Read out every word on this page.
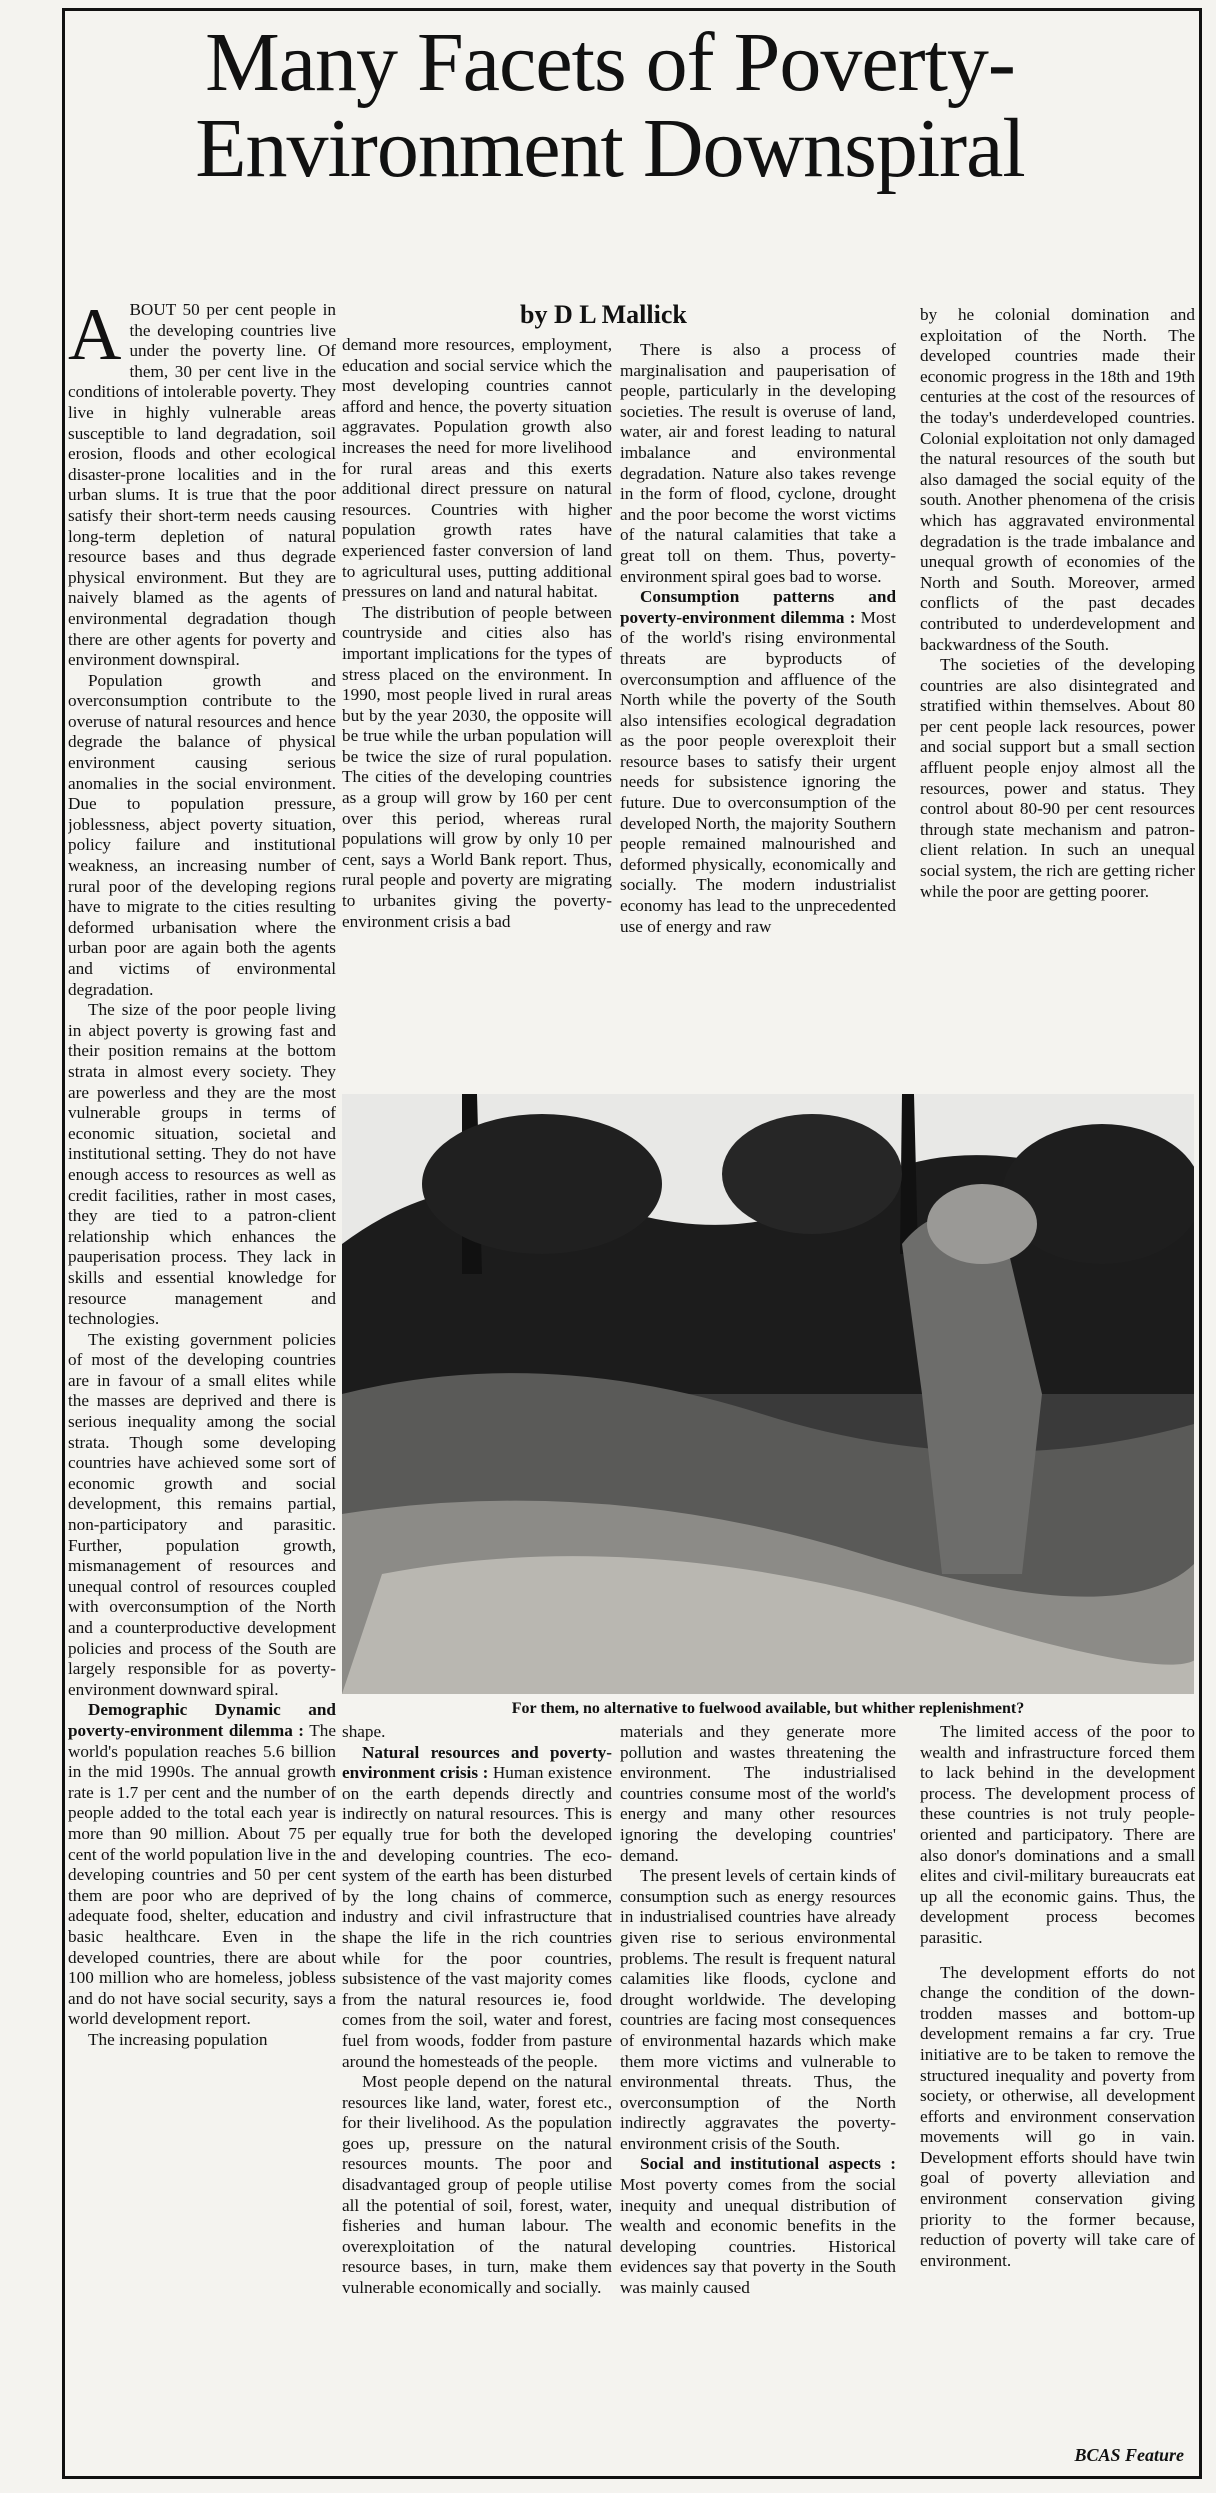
Many Facets of Poverty-Environment Downspiral
by D L Mallick

ABOUT 50 per cent people in the developing countries live under the poverty line. Of them, 30 per cent live in the conditions of intolerable poverty. They live in highly vulnerable areas susceptible to land degradation, soil erosion, floods and other ecological disaster-prone localities and in the urban slums. It is true that the poor satisfy their short-term needs causing long-term depletion of natural resource bases and thus degrade physical environment. But they are naively blamed as the agents of environmental degradation though there are other agents for poverty and environment downspiral.

Population growth and overconsumption contribute to the overuse of natural resources and hence degrade the balance of physical environment causing serious anomalies in the social environment. Due to population pressure, joblessness, abject poverty situation, policy failure and institutional weakness, an increasing number of rural poor of the developing regions have to migrate to the cities resulting deformed urbanisation where the urban poor are again both the agents and victims of environmental degradation.

The size of the poor people living in abject poverty is growing fast and their position remains at the bottom strata in almost every society. They are powerless and they are the most vulnerable groups in terms of economic situation, societal and institutional setting. They do not have enough access to resources as well as credit facilities, rather in most cases, they are tied to a patron-client relationship which enhances the pauperisation process. They lack in skills and essential knowledge for resource management and technologies.

The existing government policies of most of the developing countries are in favour of a small elites while the masses are deprived and there is serious inequality among the social strata. Though some developing countries have achieved some sort of economic growth and social development, this remains partial, non-participatory and parasitic. Further, population growth, mismanagement of resources and unequal control of resources coupled with overconsumption of the North and a counterproductive development policies and process of the South are largely responsible for as poverty-environment downward spiral.

Demographic Dynamic and poverty-environment dilemma : The world's population reaches 5.6 billion in the mid 1990s. The annual growth rate is 1.7 per cent and the number of people added to the total each year is more than 90 million. About 75 per cent of the world population live in the developing countries and 50 per cent them are poor who are deprived of adequate food, shelter, education and basic healthcare. Even in the developed countries, there are about 100 million who are homeless, jobless and do not have social security, says a world development report.

The increasing population

demand more resources, employment, education and social service which the most developing countries cannot afford and hence, the poverty situation aggravates. Population growth also increases the need for more livelihood for rural areas and this exerts additional direct pressure on natural resources. Countries with higher population growth rates have experienced faster conversion of land to agricultural uses, putting additional pressures on land and natural habitat.

The distribution of people between countryside and cities also has important implications for the types of stress placed on the environment. In 1990, most people lived in rural areas but by the year 2030, the opposite will be true while the urban population will be twice the size of rural population. The cities of the developing countries as a group will grow by 160 per cent over this period, whereas rural populations will grow by only 10 per cent, says a World Bank report. Thus, rural people and poverty are migrating to urbanites giving the poverty-environment crisis a bad

There is also a process of marginalisation and pauperisation of people, particularly in the developing societies. The result is overuse of land, water, air and forest leading to natural imbalance and environmental degradation. Nature also takes revenge in the form of flood, cyclone, drought and the poor become the worst victims of the natural calamities that take a great toll on them. Thus, poverty-environment spiral goes bad to worse.

Consumption patterns and poverty-environment dilemma : Most of the world's rising environmental threats are byproducts of overconsumption and affluence of the North while the poverty of the South also intensifies ecological degradation as the poor people overexploit their resource bases to satisfy their urgent needs for subsistence ignoring the future. Due to overconsumption of the developed North, the majority Southern people remained malnourished and deformed physically, economically and socially. The modern industrialist economy has lead to the unprecedented use of energy and raw

by he colonial domination and exploitation of the North. The developed countries made their economic progress in the 18th and 19th centuries at the cost of the resources of the today's underdeveloped countries. Colonial exploitation not only damaged the natural resources of the south but also damaged the social equity of the south. Another phenomena of the crisis which has aggravated environmental degradation is the trade imbalance and unequal growth of economies of the North and South. Moreover, armed conflicts of the past decades contributed to underdevelopment and backwardness of the South.

The societies of the developing countries are also disintegrated and stratified within themselves. About 80 per cent people lack resources, power and social support but a small section affluent people enjoy almost all the resources, power and status. They control about 80-90 per cent resources through state mechanism and patron-client relation. In such an unequal social system, the rich are getting richer while the poor are getting poorer.

For them, no alternative to fuelwood available, but whither replenishment?

shape.

Natural resources and poverty-environment crisis : Human existence on the earth depends directly and indirectly on natural resources. This is equally true for both the developed and developing countries. The eco-system of the earth has been disturbed by the long chains of commerce, industry and civil infrastructure that shape the life in the rich countries while for the poor countries, subsistence of the vast majority comes from the natural resources ie, food comes from the soil, water and forest, fuel from woods, fodder from pasture around the homesteads of the people.

Most people depend on the natural resources like land, water, forest etc., for their livelihood. As the population goes up, pressure on the natural resources mounts. The poor and disadvantaged group of people utilise all the potential of soil, forest, water, fisheries and human labour. The overexploitation of the natural resource bases, in turn, make them vulnerable economically and socially.

materials and they generate more pollution and wastes threatening the environment. The industrialised countries consume most of the world's energy and many other resources ignoring the developing countries' demand.

The present levels of certain kinds of consumption such as energy resources in industrialised countries have already given rise to serious environmental problems. The result is frequent natural calamities like floods, cyclone and drought worldwide. The developing countries are facing most consequences of environmental hazards which make them more victims and vulnerable to environmental threats. Thus, the overconsumption of the North indirectly aggravates the poverty-environment crisis of the South.

Social and institutional aspects : Most poverty comes from the social inequity and unequal distribution of wealth and economic benefits in the developing countries. Historical evidences say that poverty in the South was mainly caused

The limited access of the poor to wealth and infrastructure forced them to lack behind in the development process. The development process of these countries is not truly people-oriented and participatory. There are also donor's dominations and a small elites and civil-military bureaucrats eat up all the economic gains. Thus, the development process becomes parasitic.

The development efforts do not change the condition of the down-trodden masses and bottom-up development remains a far cry. True initiative are to be taken to remove the structured inequality and poverty from society, or otherwise, all development efforts and environment conservation movements will go in vain. Development efforts should have twin goal of poverty alleviation and environment conservation giving priority to the former because, reduction of poverty will take care of environment.

BCAS Feature
